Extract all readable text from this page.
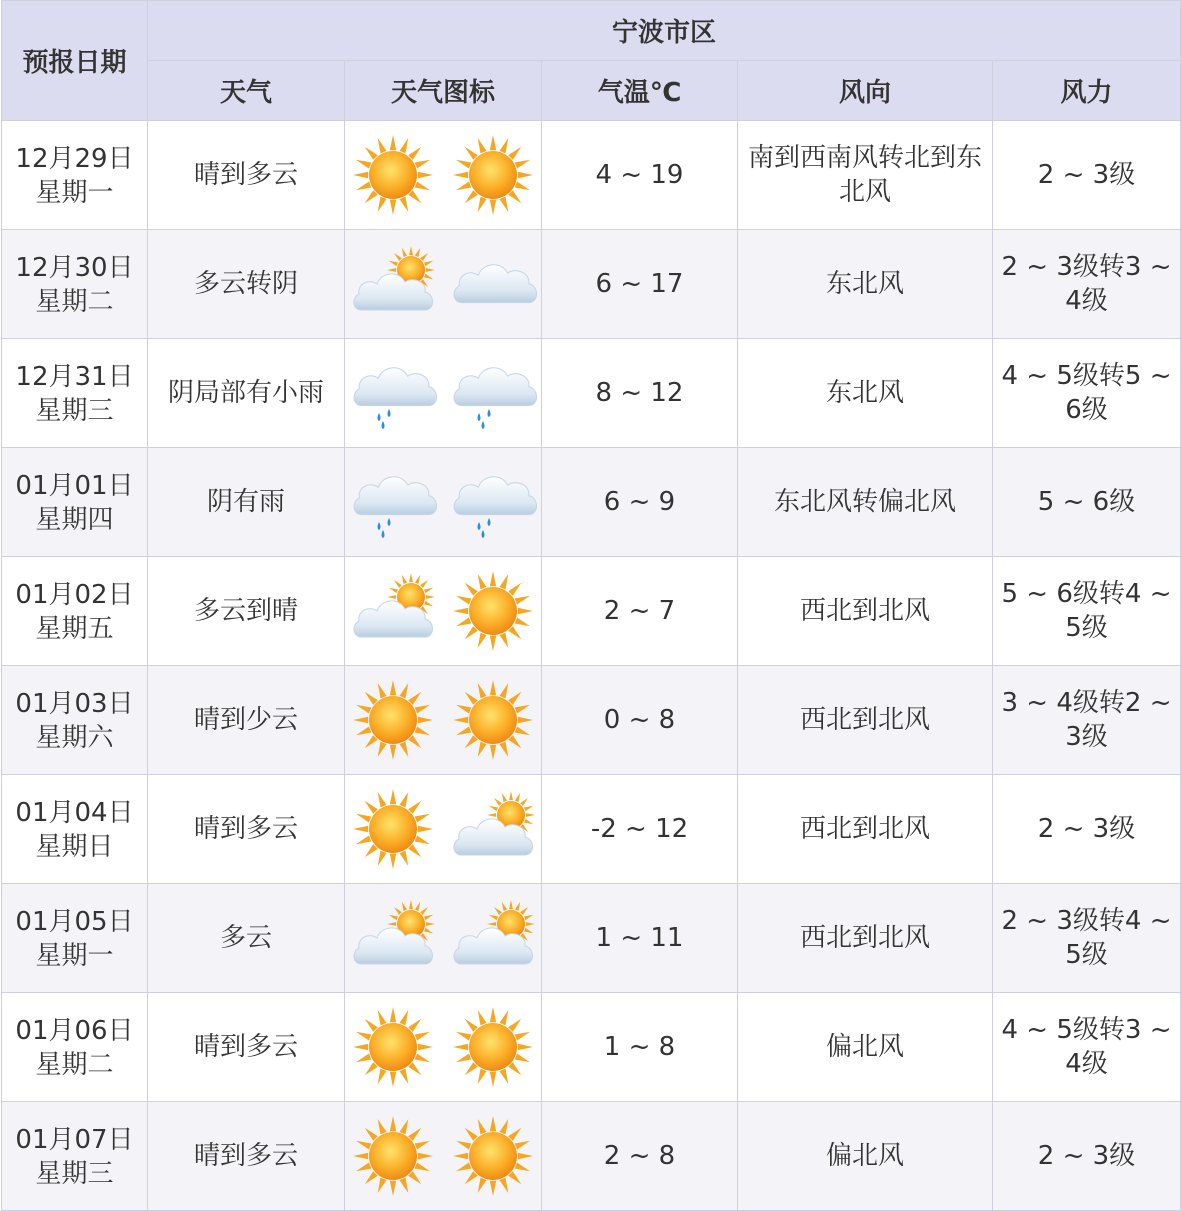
预报日期	宁波市区				
	天气	天气图标	气温℃	风向	风力

12月29日
星期一	晴到多云		4 ~ 19	南到西南风转北到东北风	2 ~ 3级

12月30日
星期二	多云转阴		6 ~ 17	东北风	2 ~ 3级转3 ~ 4级

12月31日
星期三	阴局部有小雨		8 ~ 12	东北风	4 ~ 5级转5 ~ 6级

01月01日
星期四	阴有雨		6 ~ 9	东北风转偏北风	5 ~ 6级

01月02日
星期五	多云到晴		2 ~ 7	西北到北风	5 ~ 6级转4 ~ 5级

01月03日
星期六	晴到少云		0 ~ 8	西北到北风	3 ~ 4级转2 ~ 3级

01月04日
星期日	晴到多云		-2 ~ 12	西北到北风	2 ~ 3级

01月05日
星期一	多云		1 ~ 11	西北到北风	2 ~ 3级转4 ~ 5级

01月06日
星期二	晴到多云		1 ~ 8	偏北风	4 ~ 5级转3 ~ 4级

01月07日
星期三	晴到多云		2 ~ 8	偏北风	2 ~ 3级
